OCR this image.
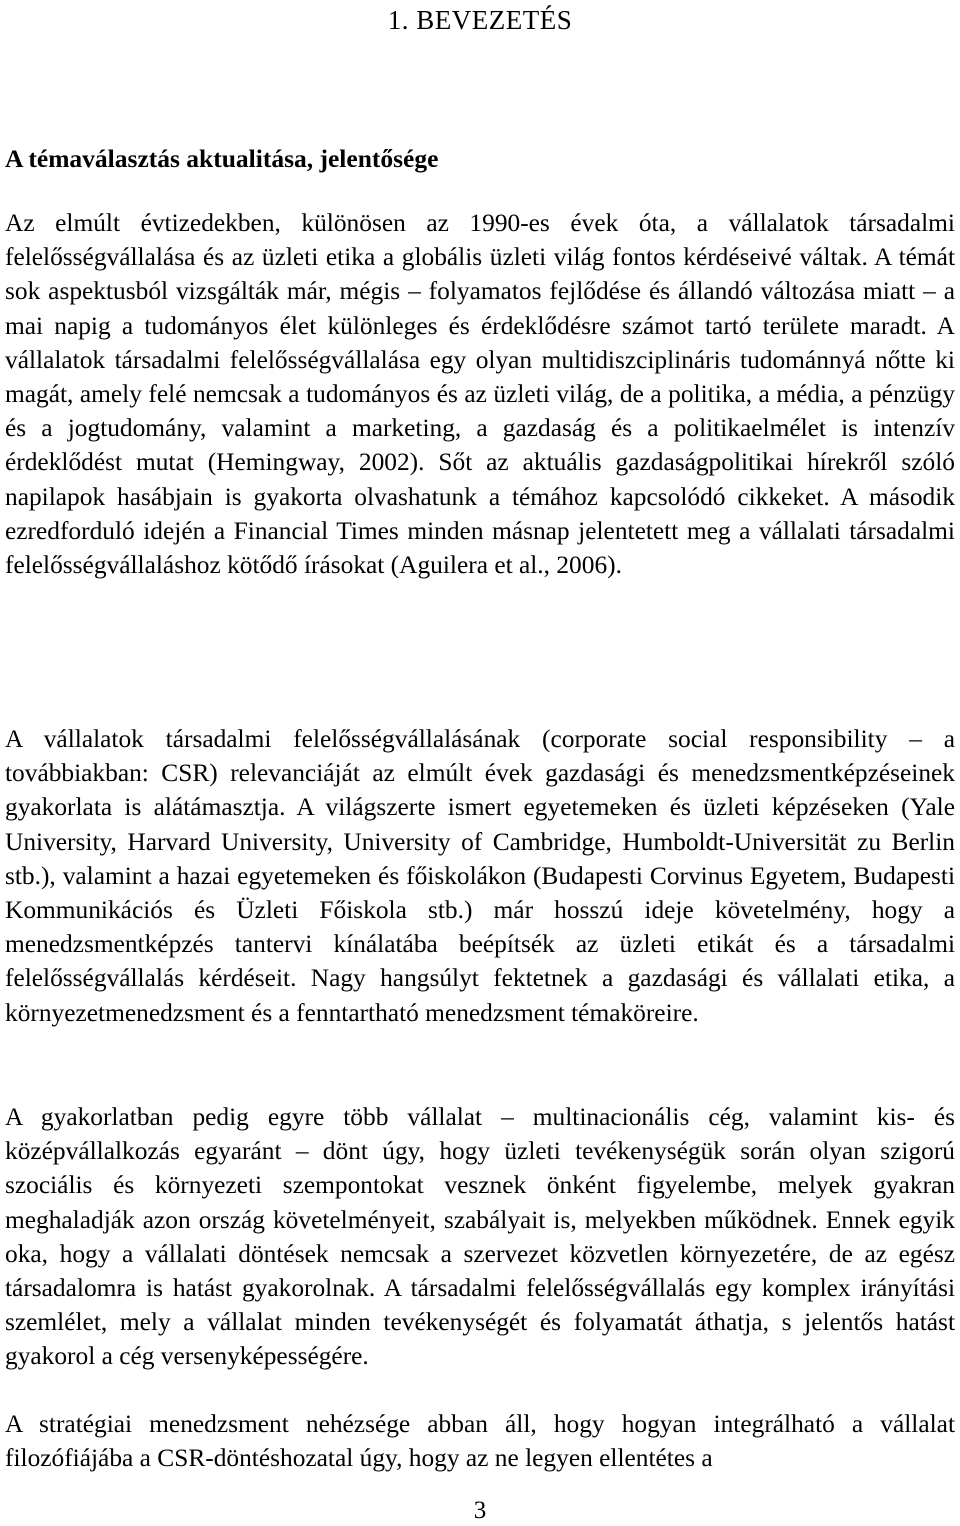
1. BEVEZETÉS
A témaválasztás aktualitása, jelentősége

Az elmúlt évtizedekben, különösen az 1990-es évek óta, a vállalatok társadalmi felelősségvállalása és az üzleti etika a globális üzleti világ fontos kérdéseivé váltak. A témát sok aspektusból vizsgálták már, mégis – folyamatos fejlődése és állandó változása miatt – a mai napig a tudományos élet különleges és érdeklődésre számot tartó területe maradt. A vállalatok társadalmi felelősségvállalása egy olyan multidiszciplináris tudománnyá nőtte ki magát, amely felé nemcsak a tudományos és az üzleti világ, de a politika, a média, a pénzügy és a jogtudomány, valamint a marketing, a gazdaság és a politikaelmélet is intenzív érdeklődést mutat (Hemingway, 2002). Sőt az aktuális gazdaságpolitikai hírekről szóló napilapok hasábjain is gyakorta olvashatunk a témához kapcsolódó cikkeket. A második ezredforduló idején a Financial Times minden másnap jelentetett meg a vállalati társadalmi felelősségvállaláshoz kötődő írásokat (Aguilera et al., 2006).

A vállalatok társadalmi felelősségvállalásának (corporate social responsibility – a továbbiakban: CSR) relevanciáját az elmúlt évek gazdasági és menedzsmentképzéseinek gyakorlata is alátámasztja. A világszerte ismert egyetemeken és üzleti képzéseken (Yale University, Harvard University, University of Cambridge, Humboldt-Universität zu Berlin stb.), valamint a hazai egyetemeken és főiskolákon (Budapesti Corvinus Egyetem, Budapesti Kommunikációs és Üzleti Főiskola stb.) már hosszú ideje követelmény, hogy a menedzsmentképzés tantervi kínálatába beépítsék az üzleti etikát és a társadalmi felelősségvállalás kérdéseit. Nagy hangsúlyt fektetnek a gazdasági és vállalati etika, a környezetmenedzsment és a fenntartható menedzsment témaköreire.

A gyakorlatban pedig egyre több vállalat – multinacionális cég, valamint kis- és középvállalkozás egyaránt – dönt úgy, hogy üzleti tevékenységük során olyan szigorú szociális és környezeti szempontokat vesznek önként figyelembe, melyek gyakran meghaladják azon ország követelményeit, szabályait is, melyekben működnek. Ennek egyik oka, hogy a vállalati döntések nemcsak a szervezet közvetlen környezetére, de az egész társadalomra is hatást gyakorolnak. A társadalmi felelősségvállalás egy komplex irányítási szemlélet, mely a vállalat minden tevékenységét és folyamatát áthatja, s jelentős hatást gyakorol a cég versenyképességére.

A stratégiai menedzsment nehézsége abban áll, hogy hogyan integrálható a vállalat filozófiájába a CSR-döntéshozatal úgy, hogy az ne legyen ellentétes a

3
